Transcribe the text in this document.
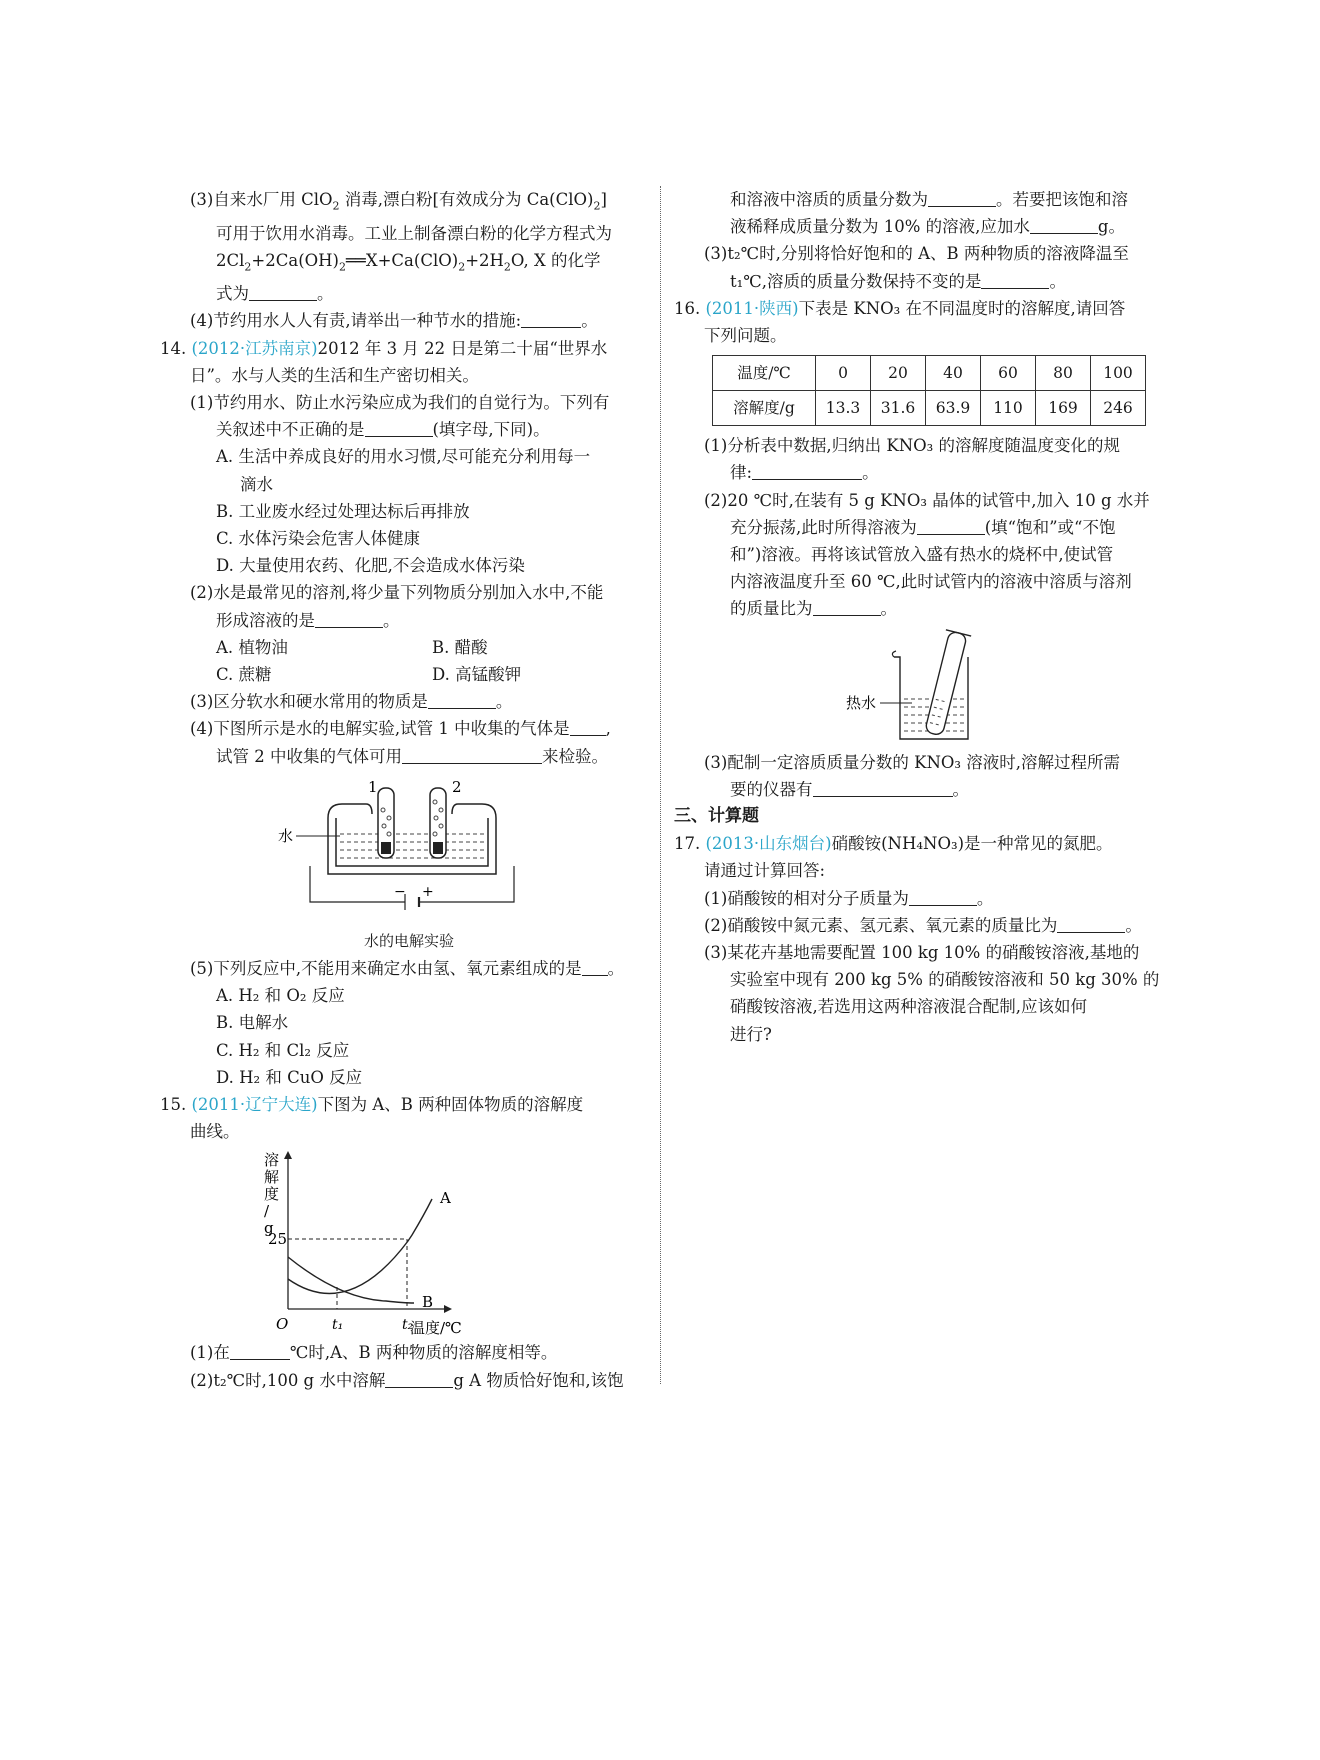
(3)自来水厂用 ClO$_2$ 消毒,漂白粉[有效成分为 $Ca(ClO)_2$]

可用于饮用水消毒。工业上制备漂白粉的化学方程式为

$2Cl_2+2Ca(OH)_2══X+Ca(ClO)_2+2H_2O$, X 的化学

式为	。

(4)节约用水人人有责,请举出一种节水的措施:	。

14. (2012·江苏南京)2012 年 3 月 22 日是第二十届“世界水

日”。水与人类的生活和生产密切相关。

(1)节约用水、防止水污染应成为我们的自觉行为。下列有

关叙述中不正确的是	(填字母,下同)。

A. 生活中养成良好的用水习惯,尽可能充分利用每一

滴水

B. 工业废水经过处理达标后再排放

C. 水体污染会危害人体健康

D. 大量使用农药、化肥,不会造成水体污染

(2)水是最常见的溶剂,将少量下列物质分别加入水中,不能

形成溶液的是	。

A. 植物油	B. 醋酸
C. 蔗糖	D. 高锰酸钾

(3)区分软水和硬水常用的物质是	。

(4)下图所示是水的电解实验,试管 1 中收集的气体是 ,

试管 2 中收集的气体可用	来检验。

1	2
水
− +
水的电解实验

(5)下列反应中,不能用来确定水由氢、氧元素组成的是 。

A. H₂ 和 O₂ 反应

B. 电解水

C. H₂ 和 Cl₂ 反应

D. H₂ 和 CuO 反应

15. (2011·辽宁大连)下图为 A、B 两种固体物质的溶解度

曲线。

溶
解
度
/
g
O
25
t₁	t₂
A
B
温度/℃

(1)在	℃时,A、B 两种物质的溶解度相等。

(2)t₂℃时,100 g 水中溶解	g A 物质恰好饱和,该饱

和溶液中溶质的质量分数为	。若要把该饱和溶

液稀释成质量分数为 10% 的溶液,应加水	g。

(3)t₂℃时,分别将恰好饱和的 A、B 两种物质的溶液降温至

t₁℃,溶质的质量分数保持不变的是	。

16. (2011·陕西)下表是 KNO₃ 在不同温度时的溶解度,请回答

下列问题。

温度/℃	0	20	40	60	80	100
溶解度/g	13.3	31.6	63.9	110	169	246

(1)分析表中数据,归纳出 KNO₃ 的溶解度随温度变化的规

律:	。

(2)20 ℃时,在装有 5 g KNO₃ 晶体的试管中,加入 10 g 水并

充分振荡,此时所得溶液为	(填“饱和”或“不饱

和”)溶液。再将该试管放入盛有热水的烧杯中,使试管

内溶液温度升至 60 ℃,此时试管内的溶液中溶质与溶剂

的质量比为	。

热水

(3)配制一定溶质质量分数的 KNO₃ 溶液时,溶解过程所需

要的仪器有	。

三、计算题

17. (2013·山东烟台)硝酸铵(NH₄NO₃)是一种常见的氮肥。

请通过计算回答:

(1)硝酸铵的相对分子质量为	。

(2)硝酸铵中氮元素、氢元素、氧元素的质量比为	。

(3)某花卉基地需要配置 100 kg 10% 的硝酸铵溶液,基地的

实验室中现有 200 kg 5% 的硝酸铵溶液和 50 kg 30% 的

硝酸铵溶液,若选用这两种溶液混合配制,应该如何

进行?
